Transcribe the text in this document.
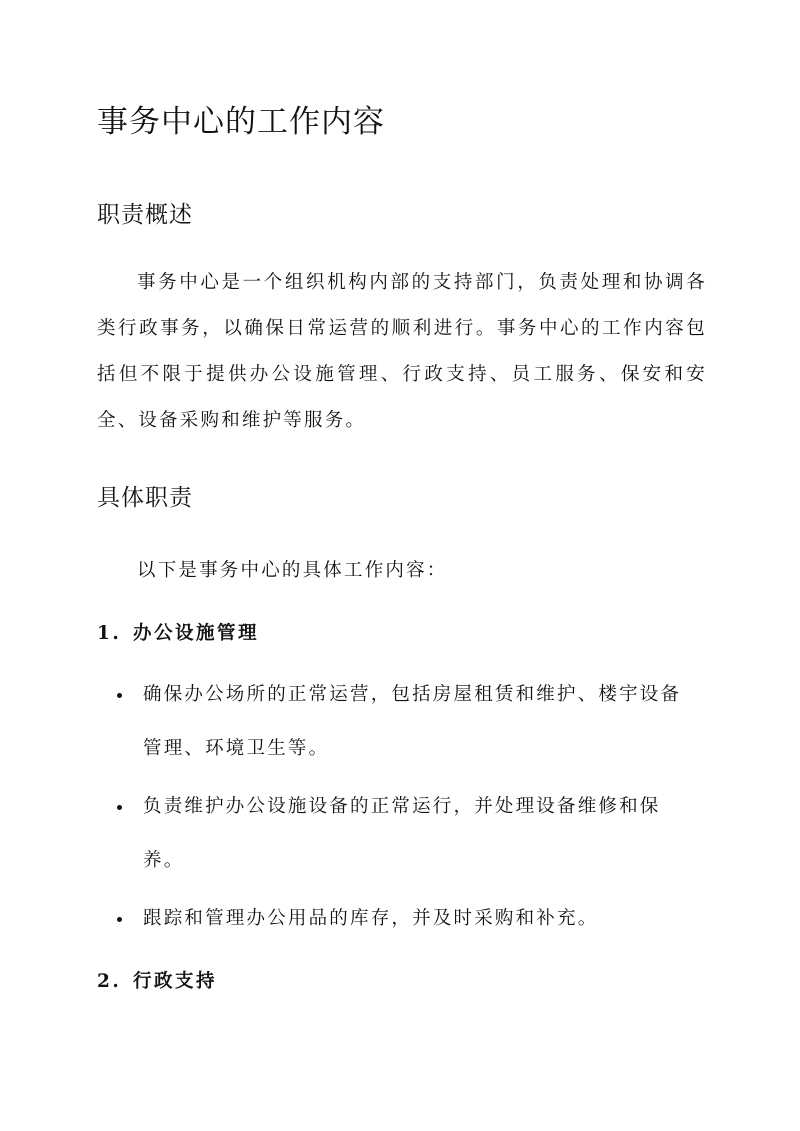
事务中心的工作内容
职责概述

事务中心是一个组织机构内部的支持部门，负责处理和协调各类行政事务，以确保日常运营的顺利进行。事务中心的工作内容包括但不限于提供办公设施管理、行政支持、员工服务、保安和安全、设备采购和维护等服务。

具体职责

以下是事务中心的具体工作内容：

1. 办公设施管理
确保办公场所的正常运营，包括房屋租赁和维护、楼宇设备管理、环境卫生等。
负责维护办公设施设备的正常运行，并处理设备维修和保养。
跟踪和管理办公用品的库存，并及时采购和补充。
2. 行政支持
